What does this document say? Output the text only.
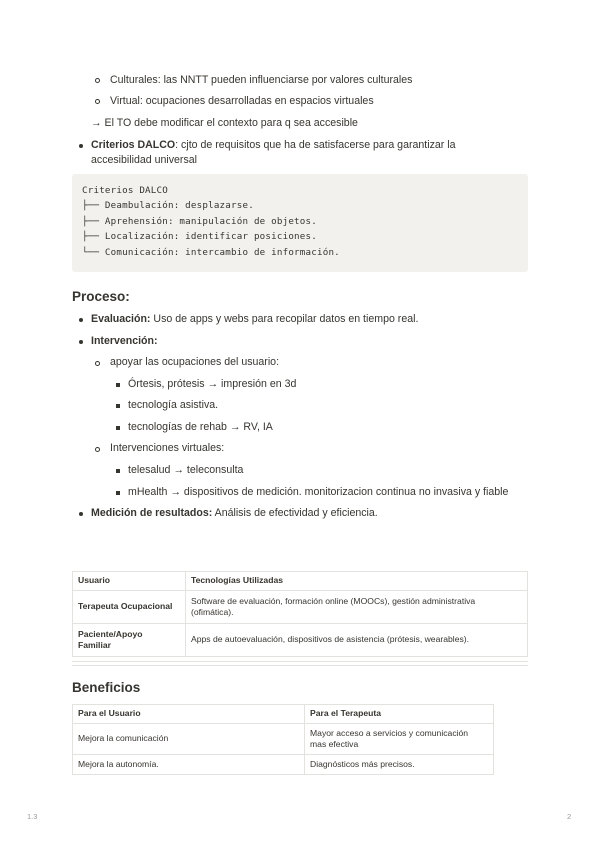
Culturales: las NNTT pueden influenciarse por valores culturales
Virtual: ocupaciones desarrolladas en espacios virtuales
→ El TO debe modificar el contexto para q sea accesible
Criterios DALCO: cjto de requisitos que ha de satisfacerse para garantizar la
accesibilidad universal
Criterios DALCO
├── Deambulación: desplazarse.
├── Aprehensión: manipulación de objetos.
├── Localización: identificar posiciones.
└── Comunicación: intercambio de información.
Proceso:
Evaluación: Uso de apps y webs para recopilar datos en tiempo real.
Intervención:
apoyar las ocupaciones del usuario:
Órtesis, prótesis → impresión en 3d
tecnología asistiva.
tecnologías de rehab → RV, IA
Intervenciones virtuales:
telesalud → teleconsulta
mHealth → dispositivos de medición. monitorizacion continua no invasiva y fiable
Medición de resultados: Análisis de efectividad y eficiencia.
Usuario	Tecnologías Utilizadas
Terapeuta Ocupacional	Software de evaluación, formación online (MOOCs), gestión administrativa
(ofimática).
Paciente/Apoyo
Familiar	Apps de autoevaluación, dispositivos de asistencia (prótesis, wearables).
Beneficios
Para el Usuario	Para el Terapeuta
Mejora la comunicación	Mayor acceso a servicios y comunicación
mas efectiva
Mejora la autonomía.	Diagnósticos más precisos.
1.3	2
